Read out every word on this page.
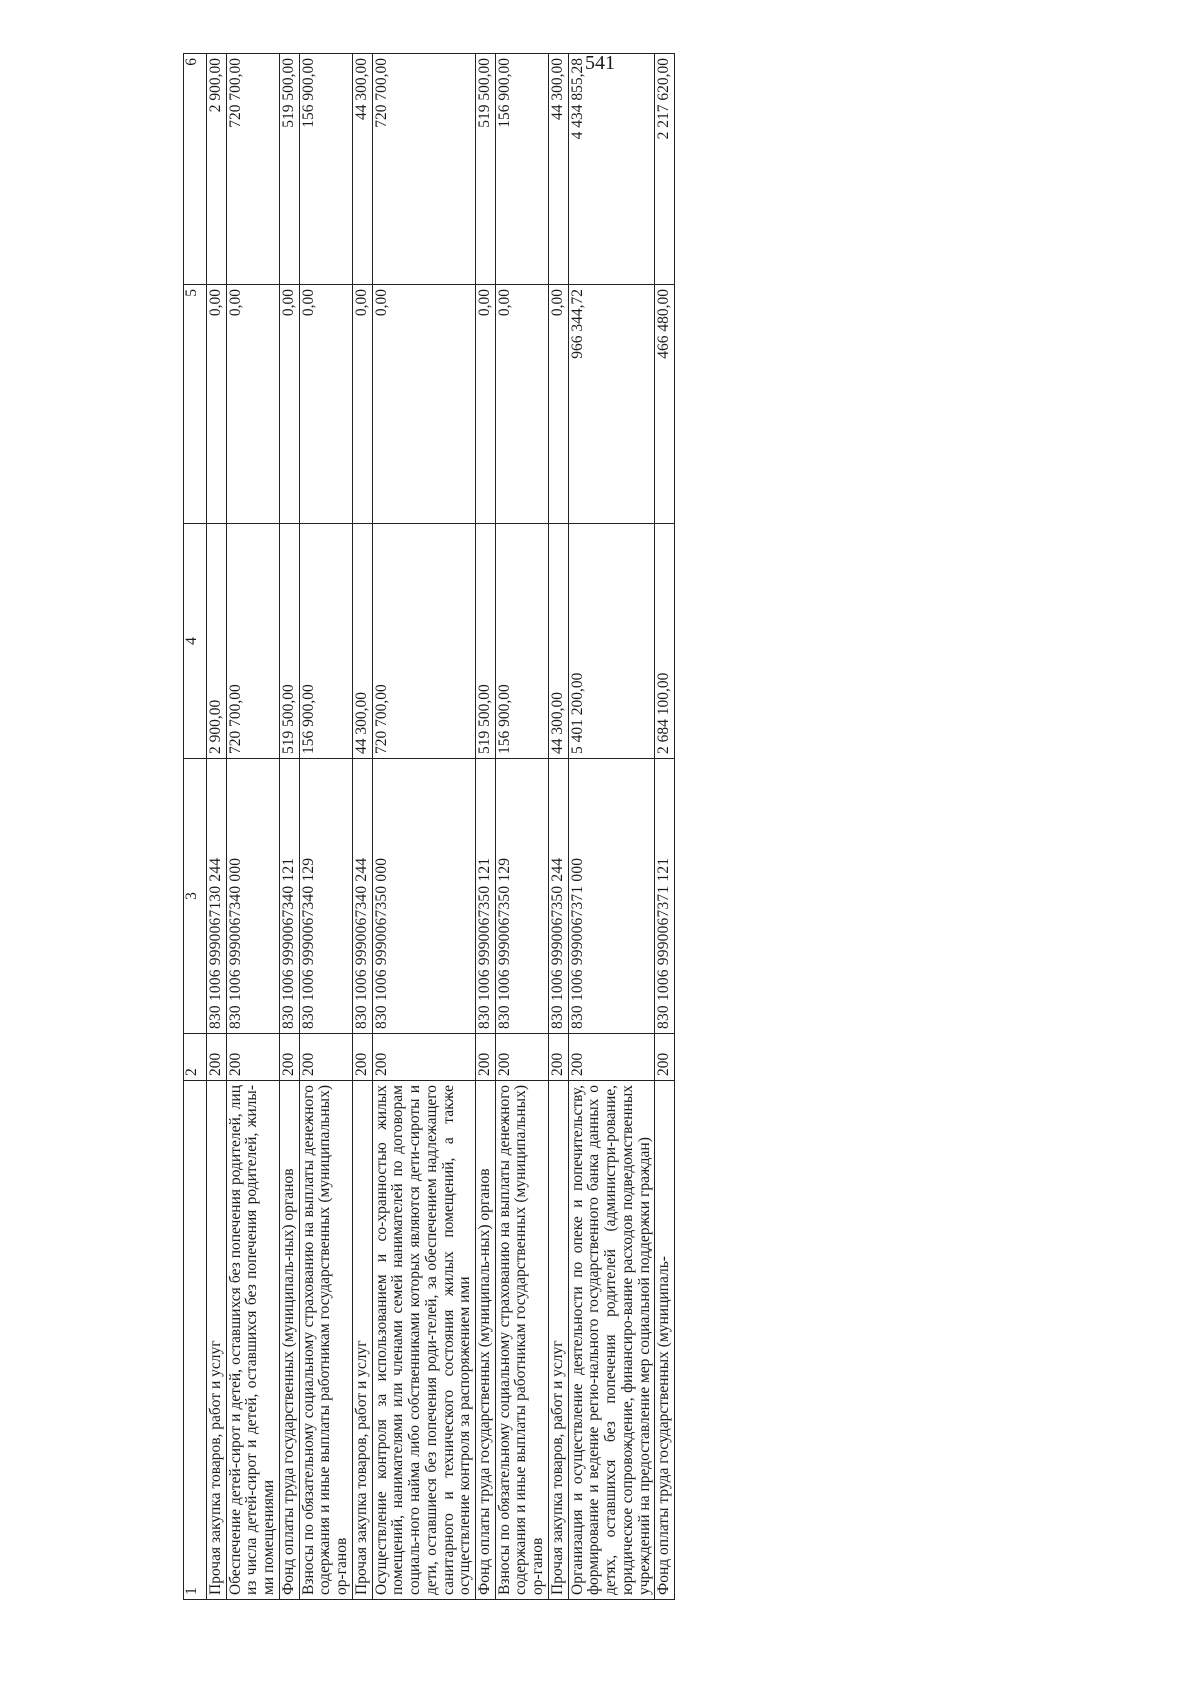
541
1	2	3	4	5	6
Прочая закупка товаров, работ и услуг	200	830 1006 9990067130 244	2 900,00	0,00	2 900,00
Обеспечение детей-сирот и детей, оставшихся без попечения родителей, лиц из числа детей-сирот и детей, оставшихся без попечения родителей, жилы-ми помещениями	200	830 1006 9990067340 000	720 700,00	0,00	720 700,00
Фонд оплаты труда государственных (муниципаль-ных) органов	200	830 1006 9990067340 121	519 500,00	0,00	519 500,00
Взносы по обязательному социальному страхованию на выплаты денежного содержания и иные выплаты работникам государственных (муниципальных) ор-ганов	200	830 1006 9990067340 129	156 900,00	0,00	156 900,00
Прочая закупка товаров, работ и услуг	200	830 1006 9990067340 244	44 300,00	0,00	44 300,00
Осуществление контроля за использованием и со-хранностью жилых помещений, нанимателями или членами семей нанимателей по договорам социаль-ного найма либо собственниками которых являются дети-сироты и дети, оставшиеся без попечения роди-телей, за обеспечением надлежащего санитарного и технического состояния жилых помещений, а также осуществление контроля за распоряжением ими	200	830 1006 9990067350 000	720 700,00	0,00	720 700,00
Фонд оплаты труда государственных (муниципаль-ных) органов	200	830 1006 9990067350 121	519 500,00	0,00	519 500,00
Взносы по обязательному социальному страхованию на выплаты денежного содержания и иные выплаты работникам государственных (муниципальных) ор-ганов	200	830 1006 9990067350 129	156 900,00	0,00	156 900,00
Прочая закупка товаров, работ и услуг	200	830 1006 9990067350 244	44 300,00	0,00	44 300,00
Организация и осуществление деятельности по опеке и попечительству, формирование и ведение регио-нального государственного банка данных о детях, оставшихся без попечения родителей (администри-рование, юридическое сопровождение, финансиро-вание расходов подведомственных учреждений на предоставление мер социальной поддержки граждан)	200	830 1006 9990067371 000	5 401 200,00	966 344,72	4 434 855,28
Фонд оплаты труда государственных (муниципаль-	200	830 1006 9990067371 121	2 684 100,00	466 480,00	2 217 620,00
